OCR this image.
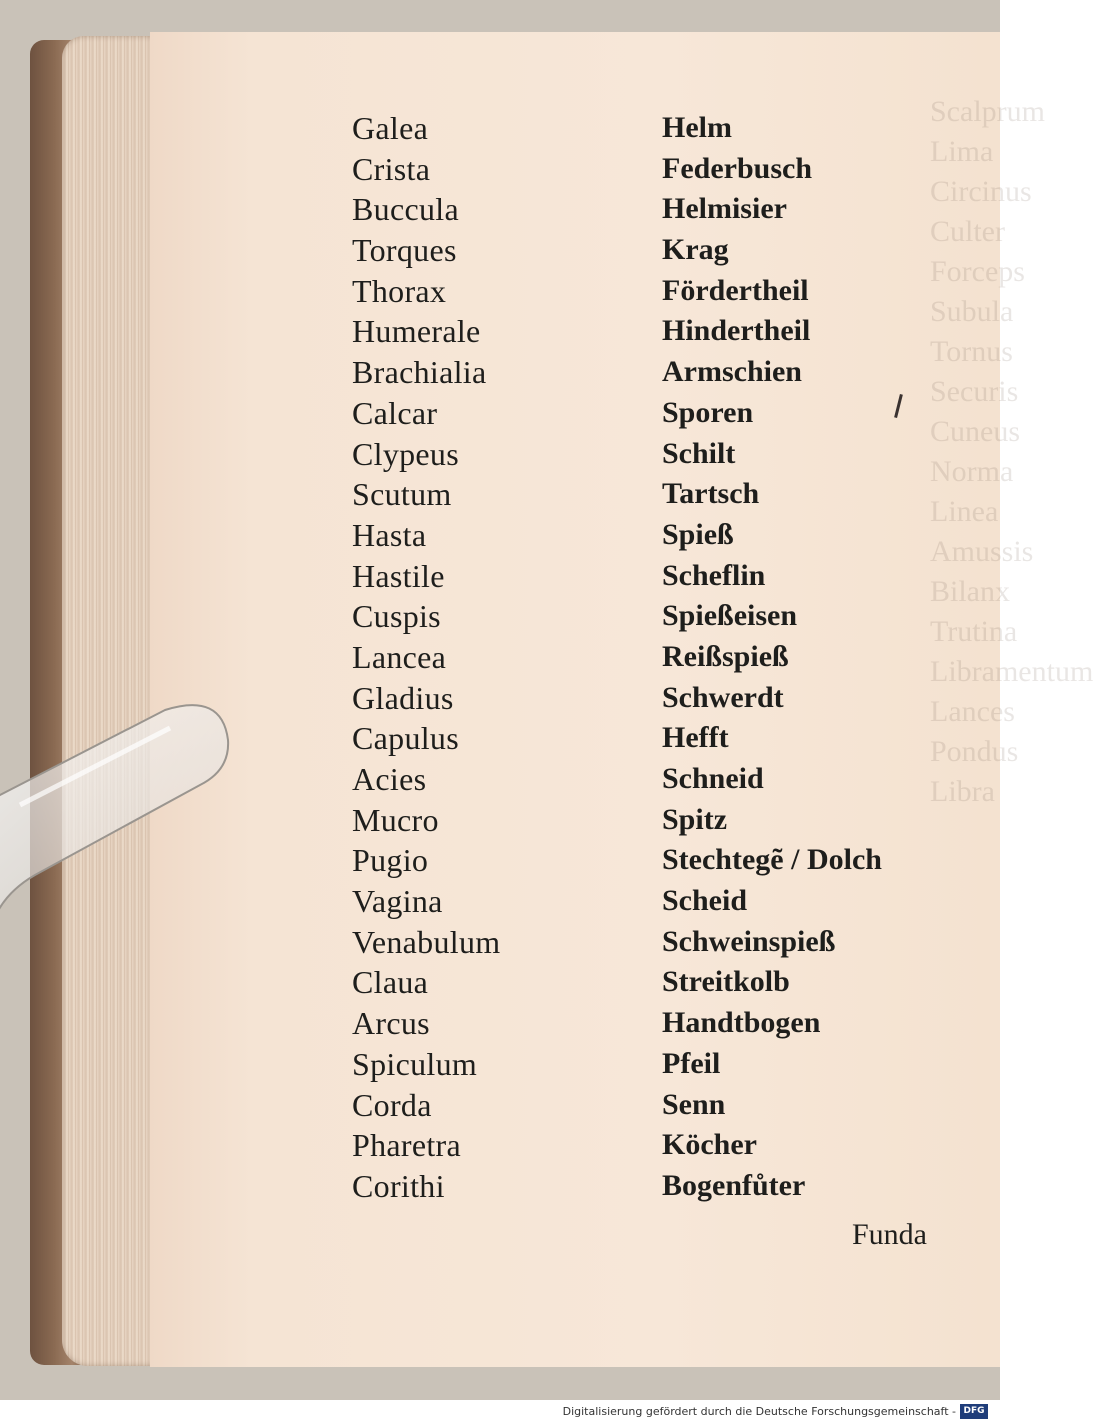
Scalprum
Lima
Circinus
Culter
Forceps
Subula
Tornus
Securis
Cuneus
Norma
Linea
Amussis
Bilanx
Trutina
Libramentum
Lances
Pondus
Libra
Galea
Crista
Buccula
Torques
Thorax
Humerale
Brachialia
Calcar
Clypeus
Scutum
Hasta
Hastile
Cuspis
Lancea
Gladius
Capulus
Acies
Mucro
Pugio
Vagina
Venabulum
Claua
Arcus
Spiculum
Corda
Pharetra
Corithi
Helm
Federbusch
Helmisier
Krag
Fördertheil
Hindertheil
Armschien
Sporen
Schilt
Tartsch
Spieß
Scheflin
Spießeisen
Reißspieß
Schwerdt
Hefft
Schneid
Spitz
Stechtegẽ / Dolch
Scheid
Schweinspieß
Streitkolb
Handtbogen
Pfeil
Senn
Köcher
Bogenfůter
Funda
Digitalisierung gefördert durch die Deutsche Forschungsgemeinschaft - DFG
